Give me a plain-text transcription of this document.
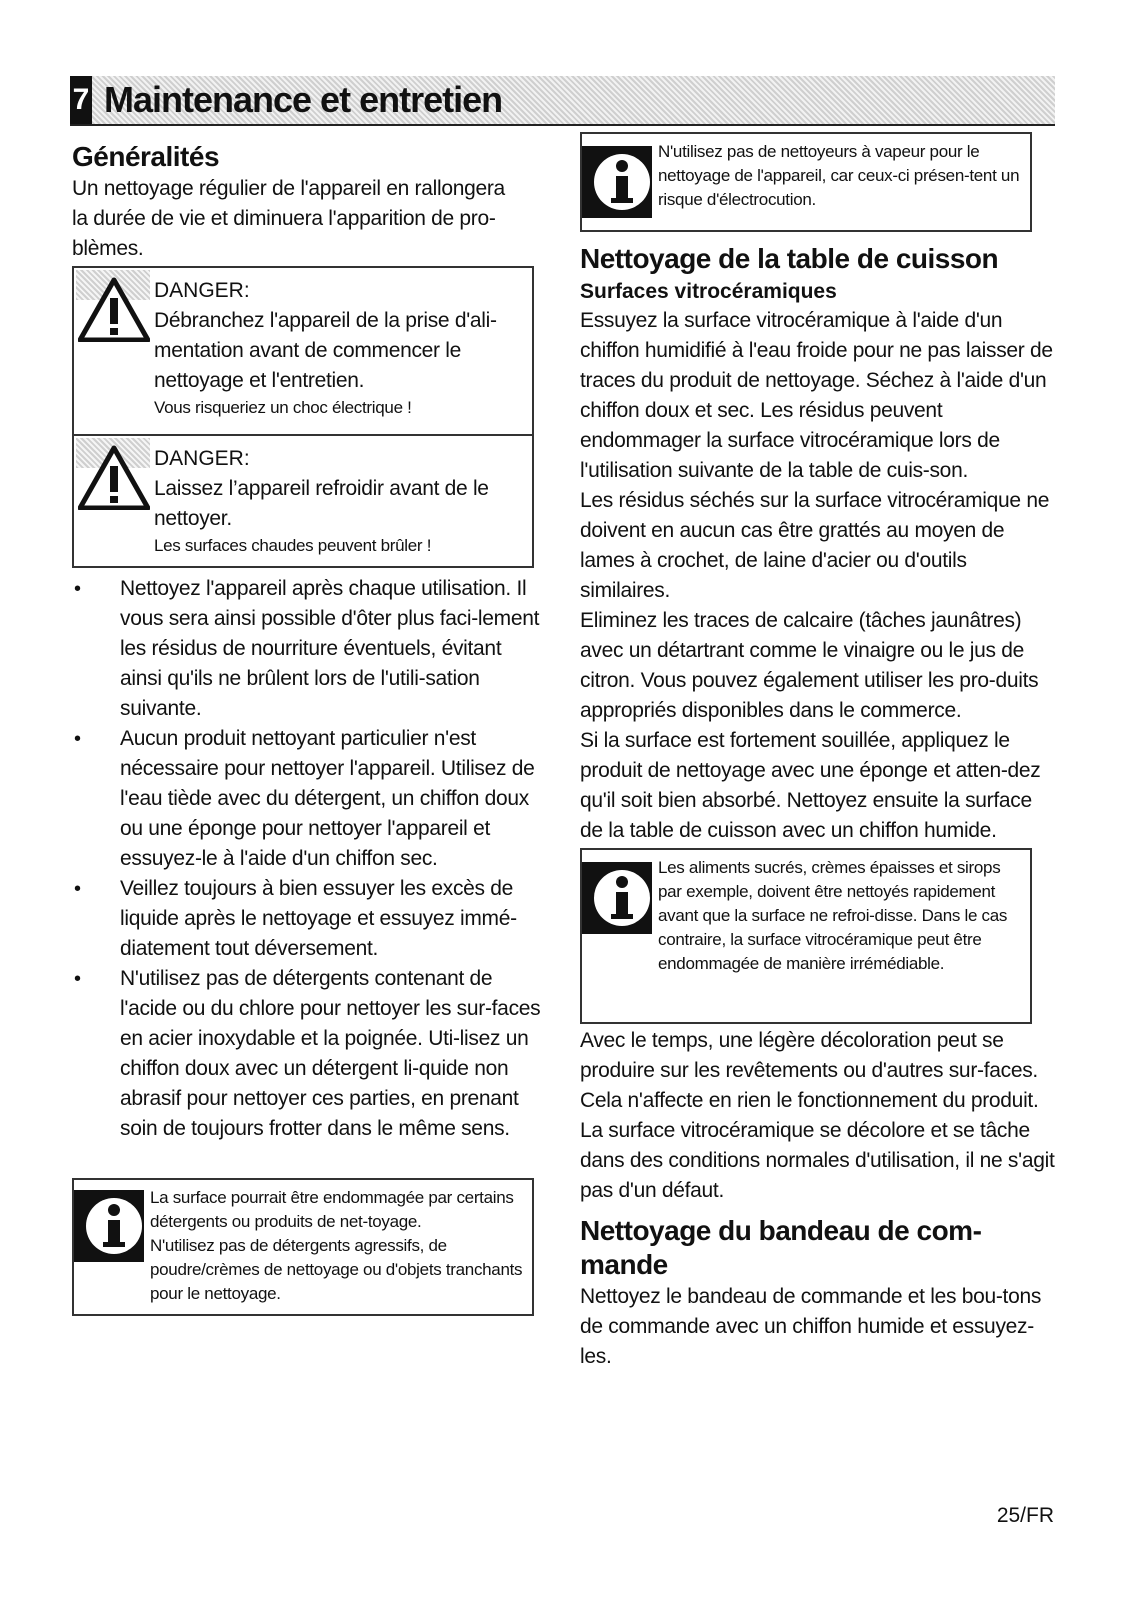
7 Maintenance et entretien
Généralités

Un nettoyage régulier de l'appareil en rallongera la durée de vie et diminuera l'apparition de pro-blèmes.

DANGER:
Débranchez l'appareil de la prise d'ali-mentation avant de commencer le nettoyage et l'entretien.
Vous risqueriez un choc électrique !
DANGER:
Laissez l’appareil refroidir avant de le nettoyer.
Les surfaces chaudes peuvent brûler !
• Nettoyez l'appareil après chaque utilisation. Il vous sera ainsi possible d'ôter plus faci-lement les résidus de nourriture éventuels, évitant ainsi qu'ils ne brûlent lors de l'utili-sation suivante.
• Aucun produit nettoyant particulier n'est nécessaire pour nettoyer l'appareil. Utilisez de l'eau tiède avec du détergent, un chiffon doux ou une éponge pour nettoyer l'appareil et essuyez-le à l'aide d'un chiffon sec.
• Veillez toujours à bien essuyer les excès de liquide après le nettoyage et essuyez immé-diatement tout déversement.
• N'utilisez pas de détergents contenant de l'acide ou du chlore pour nettoyer les sur-faces en acier inoxydable et la poignée. Uti-lisez un chiffon doux avec un détergent li-quide non abrasif pour nettoyer ces parties, en prenant soin de toujours frotter dans le même sens.
La surface pourrait être endommagée par certains détergents ou produits de net-toyage.
N'utilisez pas de détergents agressifs, de poudre/crèmes de nettoyage ou d'objets tranchants pour le nettoyage.
N'utilisez pas de nettoyeurs à vapeur pour le nettoyage de l'appareil, car ceux-ci présen-tent un risque d'électrocution.
Nettoyage de la table de cuisson
Surfaces vitrocéramiques

Essuyez la surface vitrocéramique à l'aide d'un chiffon humidifié à l'eau froide pour ne pas laisser de traces du produit de nettoyage. Séchez à l'aide d'un chiffon doux et sec. Les résidus peuvent endommager la surface vitrocéramique lors de l'utilisation suivante de la table de cuis-son.

Les résidus séchés sur la surface vitrocéramique ne doivent en aucun cas être grattés au moyen de lames à crochet, de laine d'acier ou d'outils similaires.

Eliminez les traces de calcaire (tâches jaunâtres) avec un détartrant comme le vinaigre ou le jus de citron. Vous pouvez également utiliser les pro-duits appropriés disponibles dans le commerce.

Si la surface est fortement souillée, appliquez le produit de nettoyage avec une éponge et atten-dez qu'il soit bien absorbé. Nettoyez ensuite la surface de la table de cuisson avec un chiffon humide.

Les aliments sucrés, crèmes épaisses et sirops par exemple, doivent être nettoyés rapidement avant que la surface ne refroi-disse. Dans le cas contraire, la surface vitrocéramique peut être endommagée de manière irrémédiable.

Avec le temps, une légère décoloration peut se produire sur les revêtements ou d'autres sur-faces. Cela n'affecte en rien le fonctionnement du produit.

La surface vitrocéramique se décolore et se tâche dans des conditions normales d'utilisation, il ne s'agit pas d'un défaut.

Nettoyage du bandeau de com-mande

Nettoyez le bandeau de commande et les bou-tons de commande avec un chiffon humide et essuyez-les.

25/FR
